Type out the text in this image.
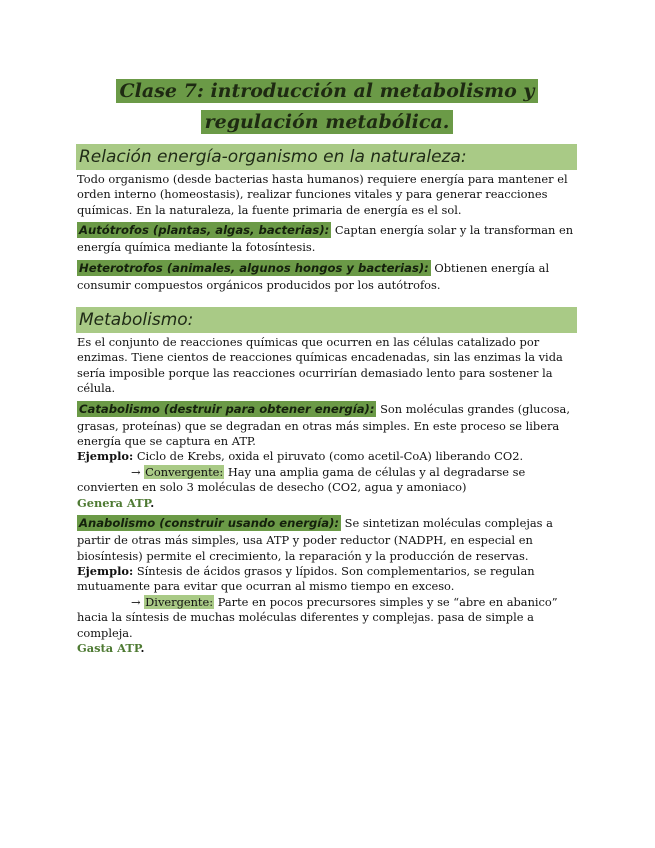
Clase 7: introducción al metabolismo y regulación metabólica.
Relación energía-organismo en la naturaleza:

Todo organismo (desde bacterias hasta humanos) requiere energía para mantener el orden interno (homeostasis), realizar funciones vitales y para generar reacciones químicas. En la naturaleza, la fuente primaria de energía es el sol.

Autótrofos (plantas, algas, bacterias): Captan energía solar y la transforman en energía química mediante la fotosíntesis.

Heterotrofos (animales, algunos hongos y bacterias): Obtienen energía al consumir compuestos orgánicos producidos por los autótrofos.

Metabolismo:

Es el conjunto de reacciones químicas que ocurren en las células catalizado por enzimas. Tiene cientos de reacciones químicas encadenadas, sin las enzimas la vida sería imposible porque las reacciones ocurrirían demasiado lento para sostener la célula.

Catabolismo (destruir para obtener energía): Son moléculas grandes (glucosa, grasas, proteínas) que se degradan en otras más simples. En este proceso se libera energía que se captura en ATP.

Ejemplo: Ciclo de Krebs, oxida el piruvato (como acetil-CoA) liberando CO2.

→ Convergente: Hay una amplia gama de células y al degradarse se convierten en solo 3 moléculas de desecho (CO2, agua y amoniaco)

Genera ATP.

Anabolismo (construir usando energía): Se sintetizan moléculas complejas a partir de otras más simples, usa ATP y poder reductor (NADPH, en especial en biosíntesis) permite el crecimiento, la reparación y la producción de reservas.

Ejemplo: Síntesis de ácidos grasos y lípidos. Son complementarios, se regulan mutuamente para evitar que ocurran al mismo tiempo en exceso.

→ Divergente: Parte en pocos precursores simples y se “abre en abanico” hacia la síntesis de muchas moléculas diferentes y complejas. pasa de simple a compleja.

Gasta ATP.
